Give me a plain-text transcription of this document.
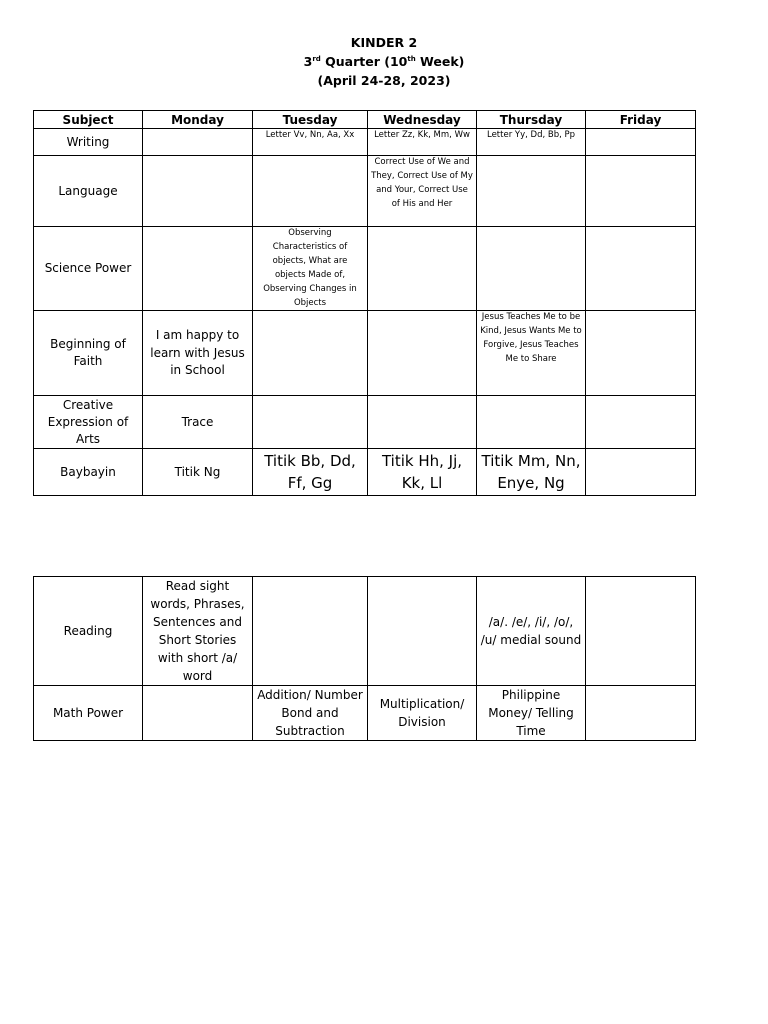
KINDER 2
3rd Quarter (10th Week)
(April 24-28, 2023)
Subject	Monday	Tuesday	Wednesday	Thursday	Friday
Writing		Letter Vv, Nn, Aa, Xx	Letter Zz, Kk, Mm, Ww	Letter Yy, Dd, Bb, Pp	
Language			Correct Use of We and They, Correct Use of My and Your, Correct Use of His and Her		
Science Power		Observing Characteristics of objects, What are objects Made of, Observing Changes in Objects			
Beginning of Faith	I am happy to learn with Jesus in School			Jesus Teaches Me to be Kind, Jesus Wants Me to Forgive, Jesus Teaches Me to Share	
Creative Expression of Arts	Trace				
Baybayin	Titik Ng	Titik Bb, Dd, Ff, Gg	Titik Hh, Jj, Kk, Ll	Titik Mm, Nn, Enye, Ng	
Reading	Read sight words, Phrases, Sentences and Short Stories with short /a/ word			/a/. /e/, /i/, /o/, /u/ medial sound	
Math Power		Addition/ Number Bond and Subtraction	Multiplication/ Division	Philippine Money/ Telling Time	
